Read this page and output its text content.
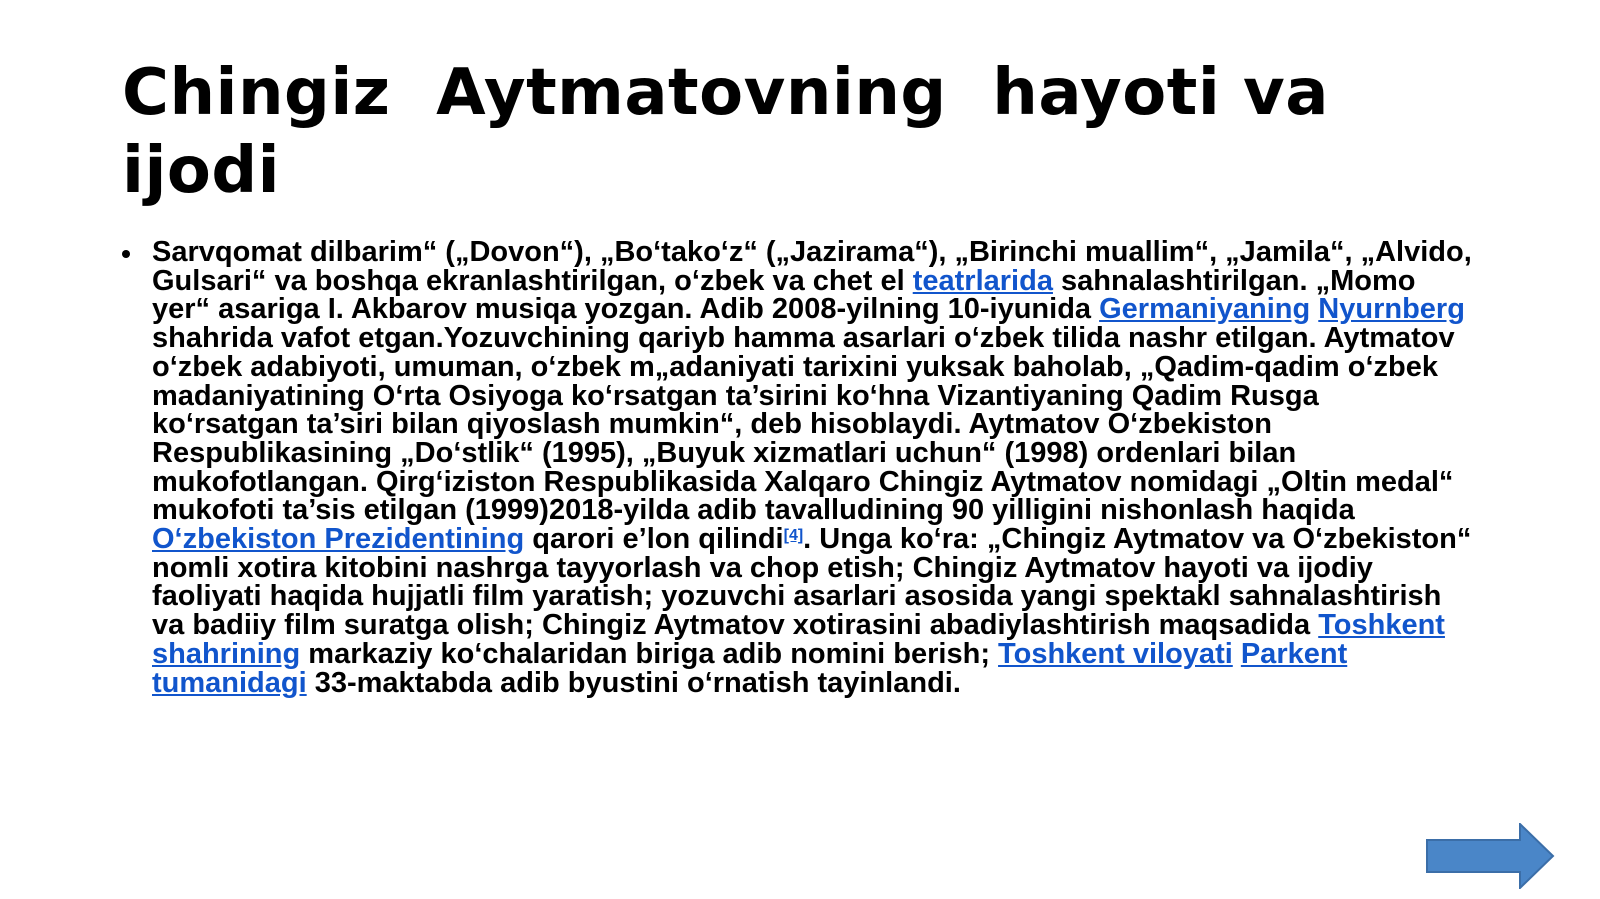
Chingiz  Aytmatovning  hayoti va ijodi
Sarvqomat dilbarim“ („Dovon“), „Bo‘tako‘z“ („Jazirama“), „Birinchi muallim“, „Jamila“, „Alvido, Gulsari“ va boshqa ekranlashtirilgan, o‘zbek va chet el teatrlarida sahnalashtirilgan. „Momo yer“ asariga I. Akbarov musiqa yozgan. Adib 2008-yilning 10-iyunida Germaniyaning Nyurnberg shahrida vafot etgan.Yozuvchining qariyb hamma asarlari o‘zbek tilida nashr etilgan. Aytmatov o‘zbek adabiyoti, umuman, o‘zbek m„adaniyati tarixini yuksak baholab, „Qadim-qadim o‘zbek madaniyatining O‘rta Osiyoga ko‘rsatgan ta’sirini ko‘hna Vizantiyaning Qadim Rusga ko‘rsatgan ta’siri bilan qiyoslash mumkin“, deb hisoblaydi. Aytmatov O‘zbekiston Respublikasining „Do‘stlik“ (1995), „Buyuk xizmatlari uchun“ (1998) ordenlari bilan mukofotlangan. Qirg‘iziston Respublikasida Xalqaro Chingiz Aytmatov nomidagi „Oltin medal“ mukofoti ta’sis etilgan (1999)2018-yilda adib tavalludining 90 yilligini nishonlash haqida O‘zbekiston Prezidentining qarori e’lon qilindi[4]. Unga ko‘ra: „Chingiz Aytmatov va O‘zbekiston“ nomli xotira kitobini nashrga tayyorlash va chop etish; Chingiz Aytmatov hayoti va ijodiy faoliyati haqida hujjatli film yaratish; yozuvchi asarlari asosida yangi spektakl sahnalashtirish va badiiy film suratga olish; Chingiz Aytmatov xotirasini abadiylashtirish maqsadida Toshkent shahrining markaziy ko‘chalaridan biriga adib nomini berish; Toshkent viloyati Parkent tumanidagi 33-maktabda adib byustini o‘rnatish tayinlandi.
